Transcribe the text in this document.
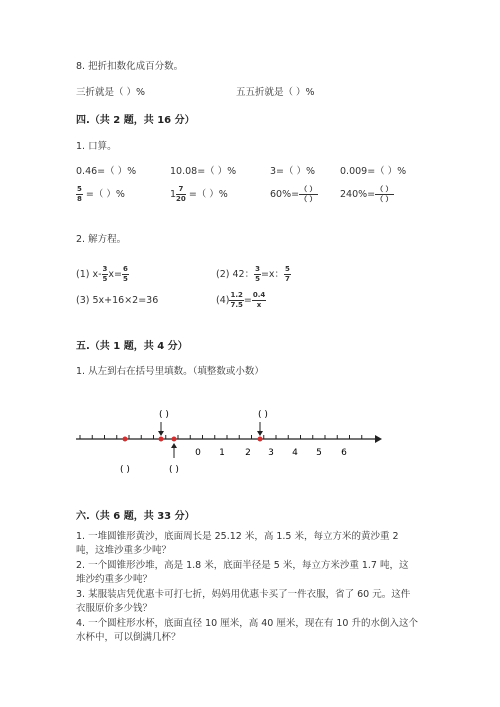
8. 把折扣数化成百分数。
三折就是（ ）%	五五折就是（ ）%
四.（共 2 题，共 16 分）
1. 口算。
0.46=（ ）%	10.08=（ ）%	3=（ ）%	0.009=（ ）%
$\frac{5}{8}$ =（ ）%	$1 \frac{7}{20}$ =（ ）%	$60\%= \frac{( )}{( )} 240\%= \frac{( )}{( )}$
2. 解方程。
(1) $x- \frac{3}{5} x= \frac{6}{5}$	(2) 42： $\frac{3}{5} =x$： $\frac{5}{7}$
(3) 5x+16×2=36	$(4) \frac{1.2}{7.5} = \frac{0.4}{x}$
五.（共 1 题，共 4 分）
1. 从左到右在括号里填数。（填整数或小数）
0	2	4	6
1	3	5
( )	( )
( )	( )
六.（共 6 题，共 33 分）
1. 一堆圆锥形黄沙，底面周长是 25.12 米，高 1.5 米，每立方米的黄沙重 2
吨，这堆沙重多少吨？
2. 一个圆锥形沙堆，高是 1.8 米，底面半径是 5 米，每立方米沙重 1.7 吨，这
堆沙约重多少吨？
3. 某服装店凭优惠卡可打七折，妈妈用优惠卡买了一件衣服，省了 60 元。这件
衣服原价多少钱？
4. 一个圆柱形水杯，底面直径 10 厘米，高 40 厘米，现在有 10 升的水倒入这个
水杯中，可以倒满几杯？
